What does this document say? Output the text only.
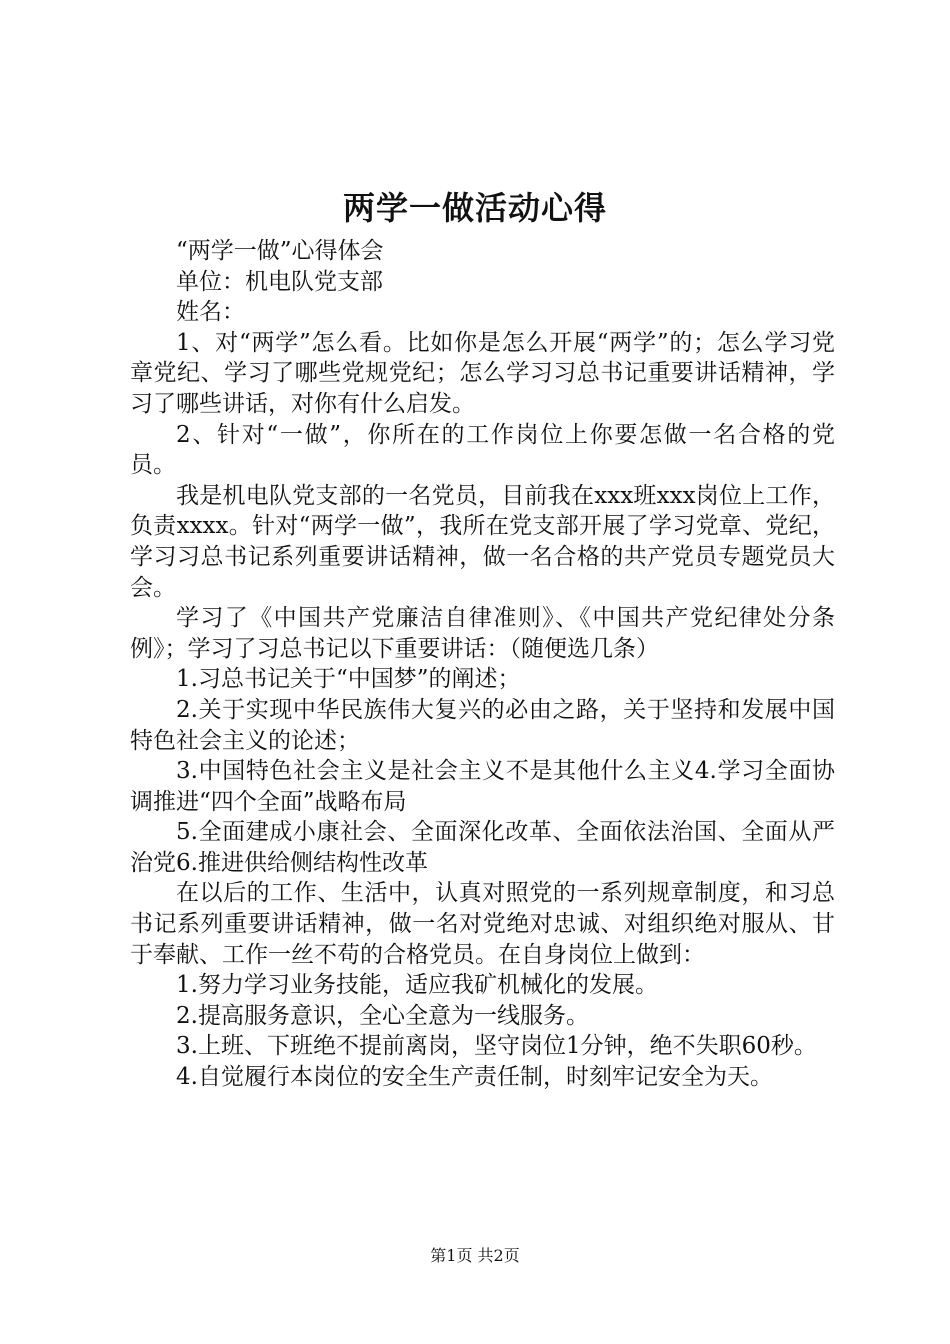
两学一做活动心得

“两学一做”心得体会

单位：机电队党支部

姓名：

1、对“两学”怎么看。比如你是怎么开展“两学”的；怎么学习党章党纪、学习了哪些党规党纪；怎么学习习总书记重要讲话精神，学习了哪些讲话，对你有什么启发。

2、针对“一做”，你所在的工作岗位上你要怎做一名合格的党员。

我是机电队党支部的一名党员，目前我在xxx班xxx岗位上工作，负责xxxx。针对“两学一做”，我所在党支部开展了学习党章、党纪，学习习总书记系列重要讲话精神，做一名合格的共产党员专题党员大会。

学习了《中国共产党廉洁自律准则》、《中国共产党纪律处分条例》；学习了习总书记以下重要讲话：（随便选几条）

1.习总书记关于“中国梦”的阐述；

2.关于实现中华民族伟大复兴的必由之路，关于坚持和发展中国特色社会主义的论述；

3.中国特色社会主义是社会主义不是其他什么主义4.学习全面协调推进“四个全面”战略布局

5.全面建成小康社会、全面深化改革、全面依法治国、全面从严治党6.推进供给侧结构性改革

在以后的工作、生活中，认真对照党的一系列规章制度，和习总书记系列重要讲话精神，做一名对党绝对忠诚、对组织绝对服从、甘于奉献、工作一丝不苟的合格党员。在自身岗位上做到：

1.努力学习业务技能，适应我矿机械化的发展。

2.提高服务意识，全心全意为一线服务。

3.上班、下班绝不提前离岗，坚守岗位1分钟，绝不失职60秒。

4.自觉履行本岗位的安全生产责任制，时刻牢记安全为天。

第1页 共2页
